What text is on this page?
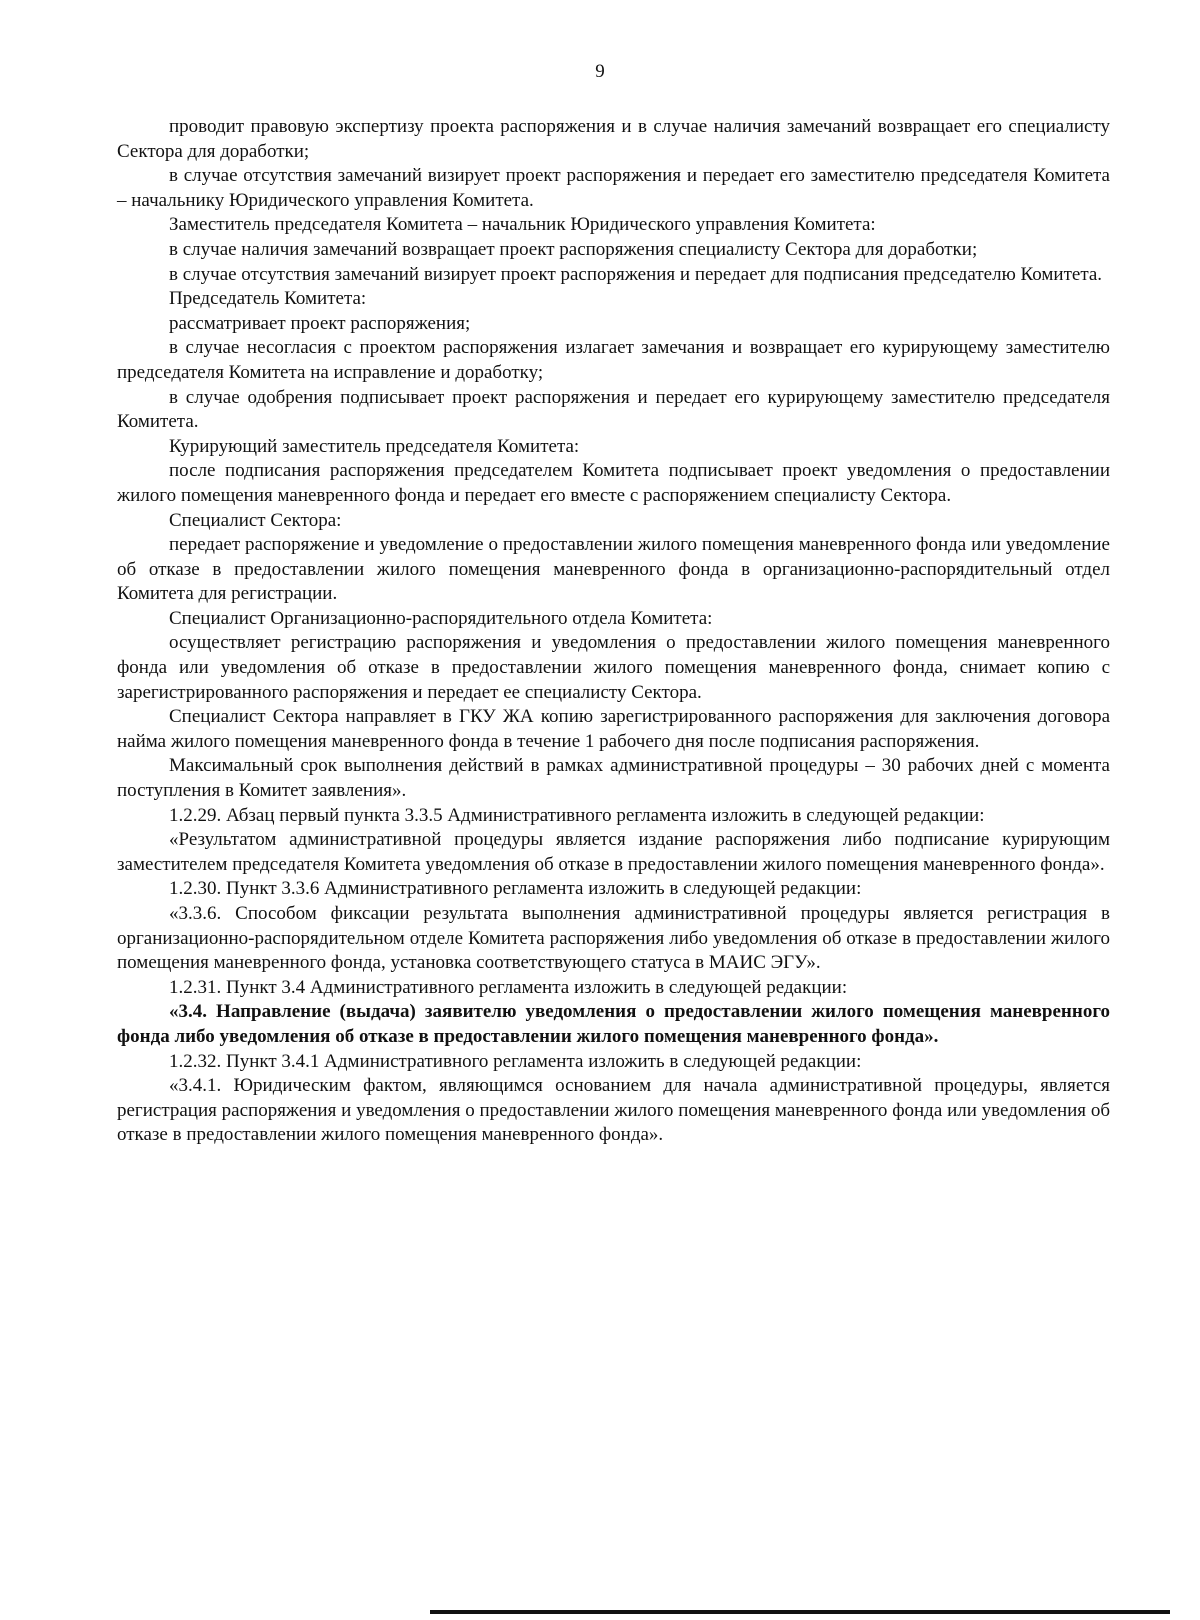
9

проводит правовую экспертизу проекта распоряжения и в случае наличия замечаний возвращает его специалисту Сектора для доработки;

в случае отсутствия замечаний визирует проект распоряжения и передает его заместителю председателя Комитета – начальнику Юридического управления Комитета.

Заместитель председателя Комитета – начальник Юридического управления Комитета:

в случае наличия замечаний возвращает проект распоряжения специалисту Сектора для доработки;

в случае отсутствия замечаний визирует проект распоряжения и передает для подписания председателю Комитета.

Председатель Комитета:

рассматривает проект распоряжения;

в случае несогласия с проектом распоряжения излагает замечания и возвращает его курирующему заместителю председателя Комитета на исправление и доработку;

в случае одобрения подписывает проект распоряжения и передает его курирующему заместителю председателя Комитета.

Курирующий заместитель председателя Комитета:

после подписания распоряжения председателем Комитета подписывает проект уведомления о предоставлении жилого помещения маневренного фонда и передает его вместе с распоряжением специалисту Сектора.

Специалист Сектора:

передает распоряжение и уведомление о предоставлении жилого помещения маневренного фонда или уведомление об отказе в предоставлении жилого помещения маневренного фонда в организационно-распорядительный отдел Комитета для регистрации.

Специалист Организационно-распорядительного отдела Комитета:

осуществляет регистрацию распоряжения и уведомления о предоставлении жилого помещения маневренного фонда или уведомления об отказе в предоставлении жилого помещения маневренного фонда, снимает копию с зарегистрированного распоряжения и передает ее специалисту Сектора.

Специалист Сектора направляет в ГКУ ЖА копию зарегистрированного распоряжения для заключения договора найма жилого помещения маневренного фонда в течение 1 рабочего дня после подписания распоряжения.

Максимальный срок выполнения действий в рамках административной процедуры – 30 рабочих дней с момента поступления в Комитет заявления».

1.2.29. Абзац первый пункта 3.3.5 Административного регламента изложить в следующей редакции:

«Результатом административной процедуры является издание распоряжения либо подписание курирующим заместителем председателя Комитета уведомления об отказе в предоставлении жилого помещения маневренного фонда».

1.2.30. Пункт 3.3.6 Административного регламента изложить в следующей редакции:

«3.3.6. Способом фиксации результата выполнения административной процедуры является регистрация в организационно-распорядительном отделе Комитета распоряжения либо уведомления об отказе в предоставлении жилого помещения маневренного фонда, установка соответствующего статуса в МАИС ЭГУ».

1.2.31. Пункт 3.4 Административного регламента изложить в следующей редакции:

«3.4. Направление (выдача) заявителю уведомления о предоставлении жилого помещения маневренного фонда либо уведомления об отказе в предоставлении жилого помещения маневренного фонда».

1.2.32. Пункт 3.4.1 Административного регламента изложить в следующей редакции:

«3.4.1. Юридическим фактом, являющимся основанием для начала административной процедуры, является регистрация распоряжения и уведомления о предоставлении жилого помещения маневренного фонда или уведомления об отказе в предоставлении жилого помещения маневренного фонда».
